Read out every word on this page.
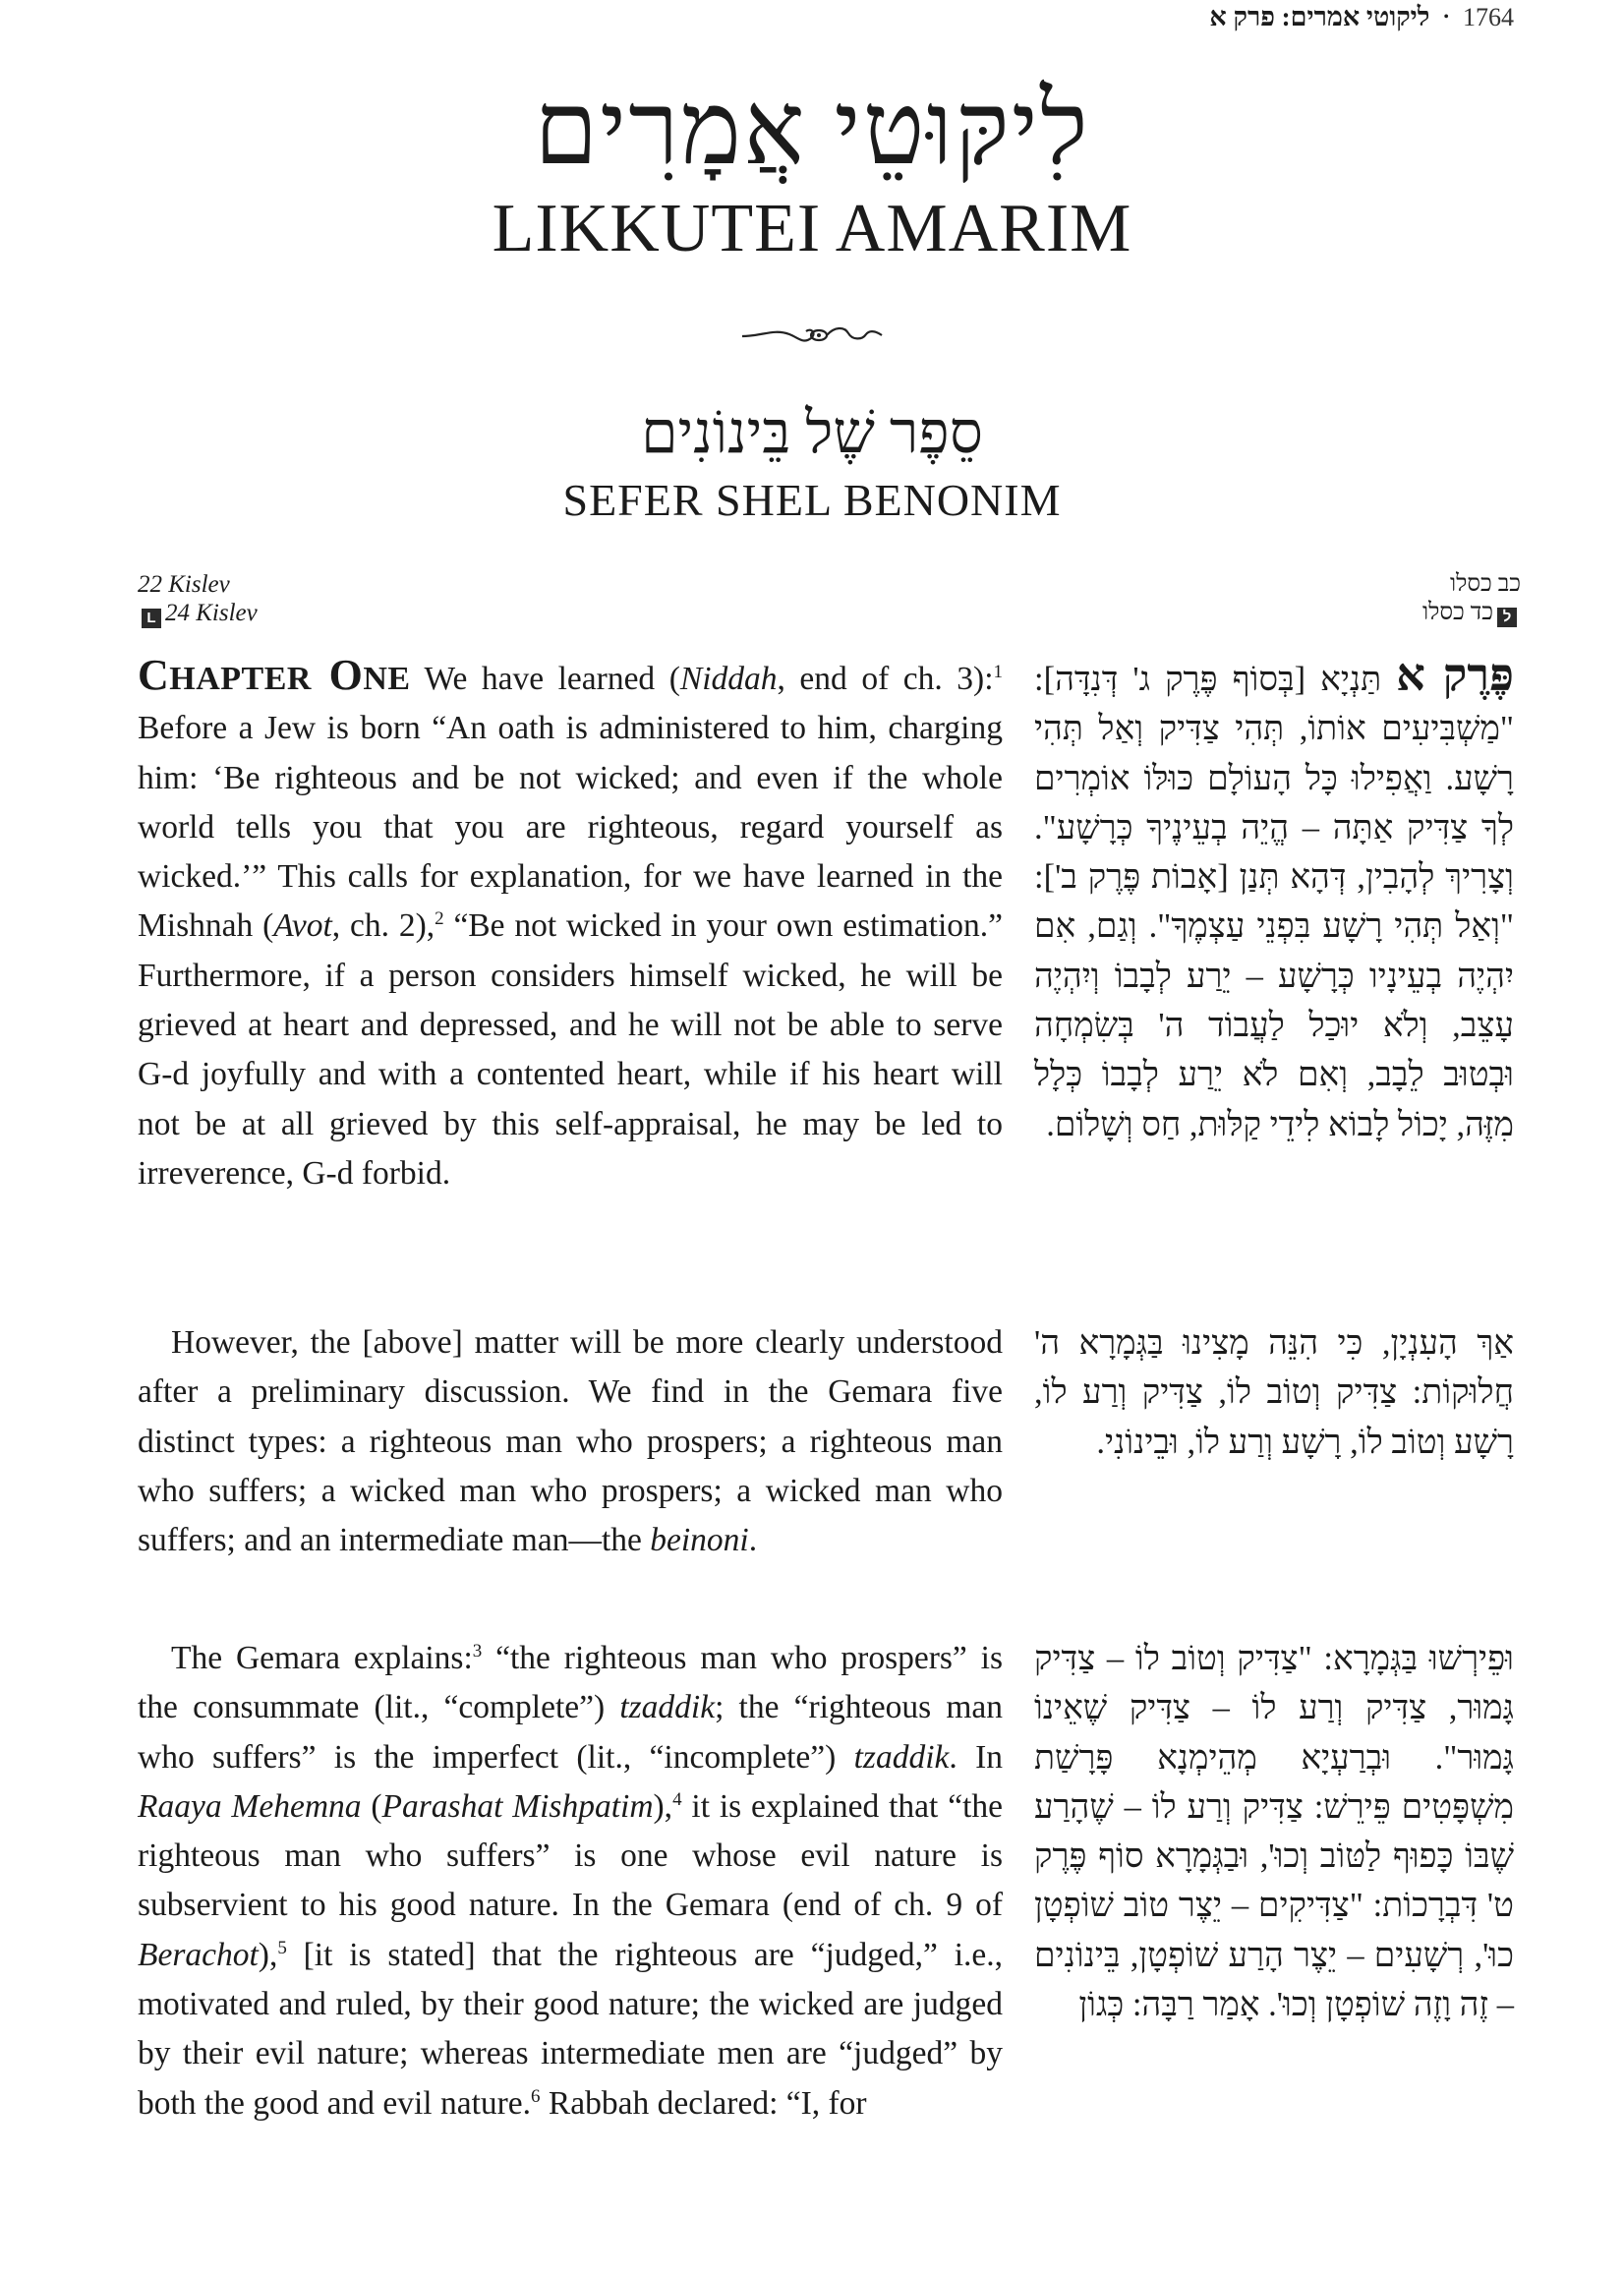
ליקוטי אמרים: פרק א • 1764
לִיקּוּטֵי אֲמָרִים
LIKKUTEI AMARIM
סֵפֶר שֶׁל בֵּינוֹנִים
SEFER SHEL BENONIM
22 Kislev
L 24 Kislev
כב כסלו
לכד כסלו
CHAPTER ONE We have learned (Niddah, end of ch. 3):$^1$ Before a Jew is born “An oath is administered to him, charging him: ‘Be righteous and be not wicked; and even if the whole world tells you that you are righteous, regard yourself as wicked.’” This calls for explanation, for we have learned in the Mishnah (Avot, ch. 2),$^2$ “Be not wicked in your own estimation.” Furthermore, if a person considers himself wicked, he will be grieved at heart and depressed, and he will not be able to serve G-d joyfully and with a contented heart, while if his heart will not be at all grieved by this self-appraisal, he may be led to irreverence, G-d forbid.
However, the [above] matter will be more clearly understood after a preliminary discussion. We find in the Gemara five distinct types: a righteous man who prospers; a righteous man who suffers; a wicked man who prospers; a wicked man who suffers; and an intermediate man—the beinoni.
The Gemara explains:$^3$ “the righteous man who prospers” is the consummate (lit., “complete”) tzaddik; the “righteous man who suffers” is the imperfect (lit., “incomplete”) tzaddik. In Raaya Mehemna (Parashat Mishpatim),$^4$ it is explained that “the righteous man who suffers” is one whose evil nature is subservient to his good nature. In the Gemara (end of ch. 9 of Berachot),$^5$ [it is stated] that the righteous are “judged,” i.e., motivated and ruled, by their good nature; the wicked are judged by their evil nature; whereas intermediate men are “judged” by both the good and evil nature.$^6$ Rabbah declared: “I, for
פֶּרֶק א תַּנְיָא [בְּסוֹף פֶּרֶק ג' דְּנִדָּה]: "מַשְׁבִּיעִים אוֹתוֹ, תְּהִי צַדִּיק וְאַל תְּהִי רָשָׁע. וַאֲפִילוּ כָּל הָעוֹלָם כּוּלּוֹ אוֹמְרִים לְךָ צַדִּיק אַתָּה – הֱיֵה בְעֵינֶיךָ כְּרָשָׁע". וְצָרִיךְ לְהָבִין, דְּהָא תְּנַן [אָבוֹת פֶּרֶק ב']: "וְאַל תְּהִי רָשָׁע בִּפְנֵי עַצְמֶךָ". וְגַם, אִם יִהְיֶה בְעֵינָיו כְּרָשָׁע – יֵרַע לְבָבוֹ וְיִהְיֶה עָצֵב, וְלֹא יוּכַל לַעֲבוֹד ה' בְּשִׂמְחָה וּבְטוּב לֵבָב, וְאִם לֹא יֵרַע לְבָבוֹ כְּלָל מִזֶּה, יָכוֹל לָבוֹא לִידֵי קַלּוּת, חַס וְשָׁלוֹם.
אַךְ הָעִנְיָן, כִּי הִנֵּה מָצִינוּ בַּגְּמָרָא ה' חֲלוּקוֹת: צַדִּיק וְטוֹב לוֹ, צַדִּיק וְרַע לוֹ, רָשָׁע וְטוֹב לוֹ, רָשָׁע וְרַע לוֹ, וּבֵינוֹנִי.
וּפֵירְשׁוּ בַּגְּמָרָא: "צַדִּיק וְטוֹב לוֹ – צַדִּיק גָּמוּר, צַדִּיק וְרַע לוֹ – צַדִּיק שֶׁאֵינוֹ גָּמוּר". וּבְרַעְיָא מְהֵימְנָא פָּרָשַׁת מִשְׁפָּטִים פֵּירֵשׁ: צַדִּיק וְרַע לוֹ – שֶׁהָרַע שֶׁבּוֹ כָּפוּף לַטּוֹב וְכוּ', וּבַגְּמָרָא סוֹף פֶּרֶק ט' דִּבְרָכוֹת: "צַדִּיקִים – יֵצֶר טוֹב שׁוֹפְטָן כוּ', רְשָׁעִים – יֵצֶר הָרַע שׁוֹפְטָן, בֵּינוֹנִים – זֶה וָזֶה שׁוֹפְטָן וְכוּ'. אָמַר רַבָּה: כְּגוֹן
